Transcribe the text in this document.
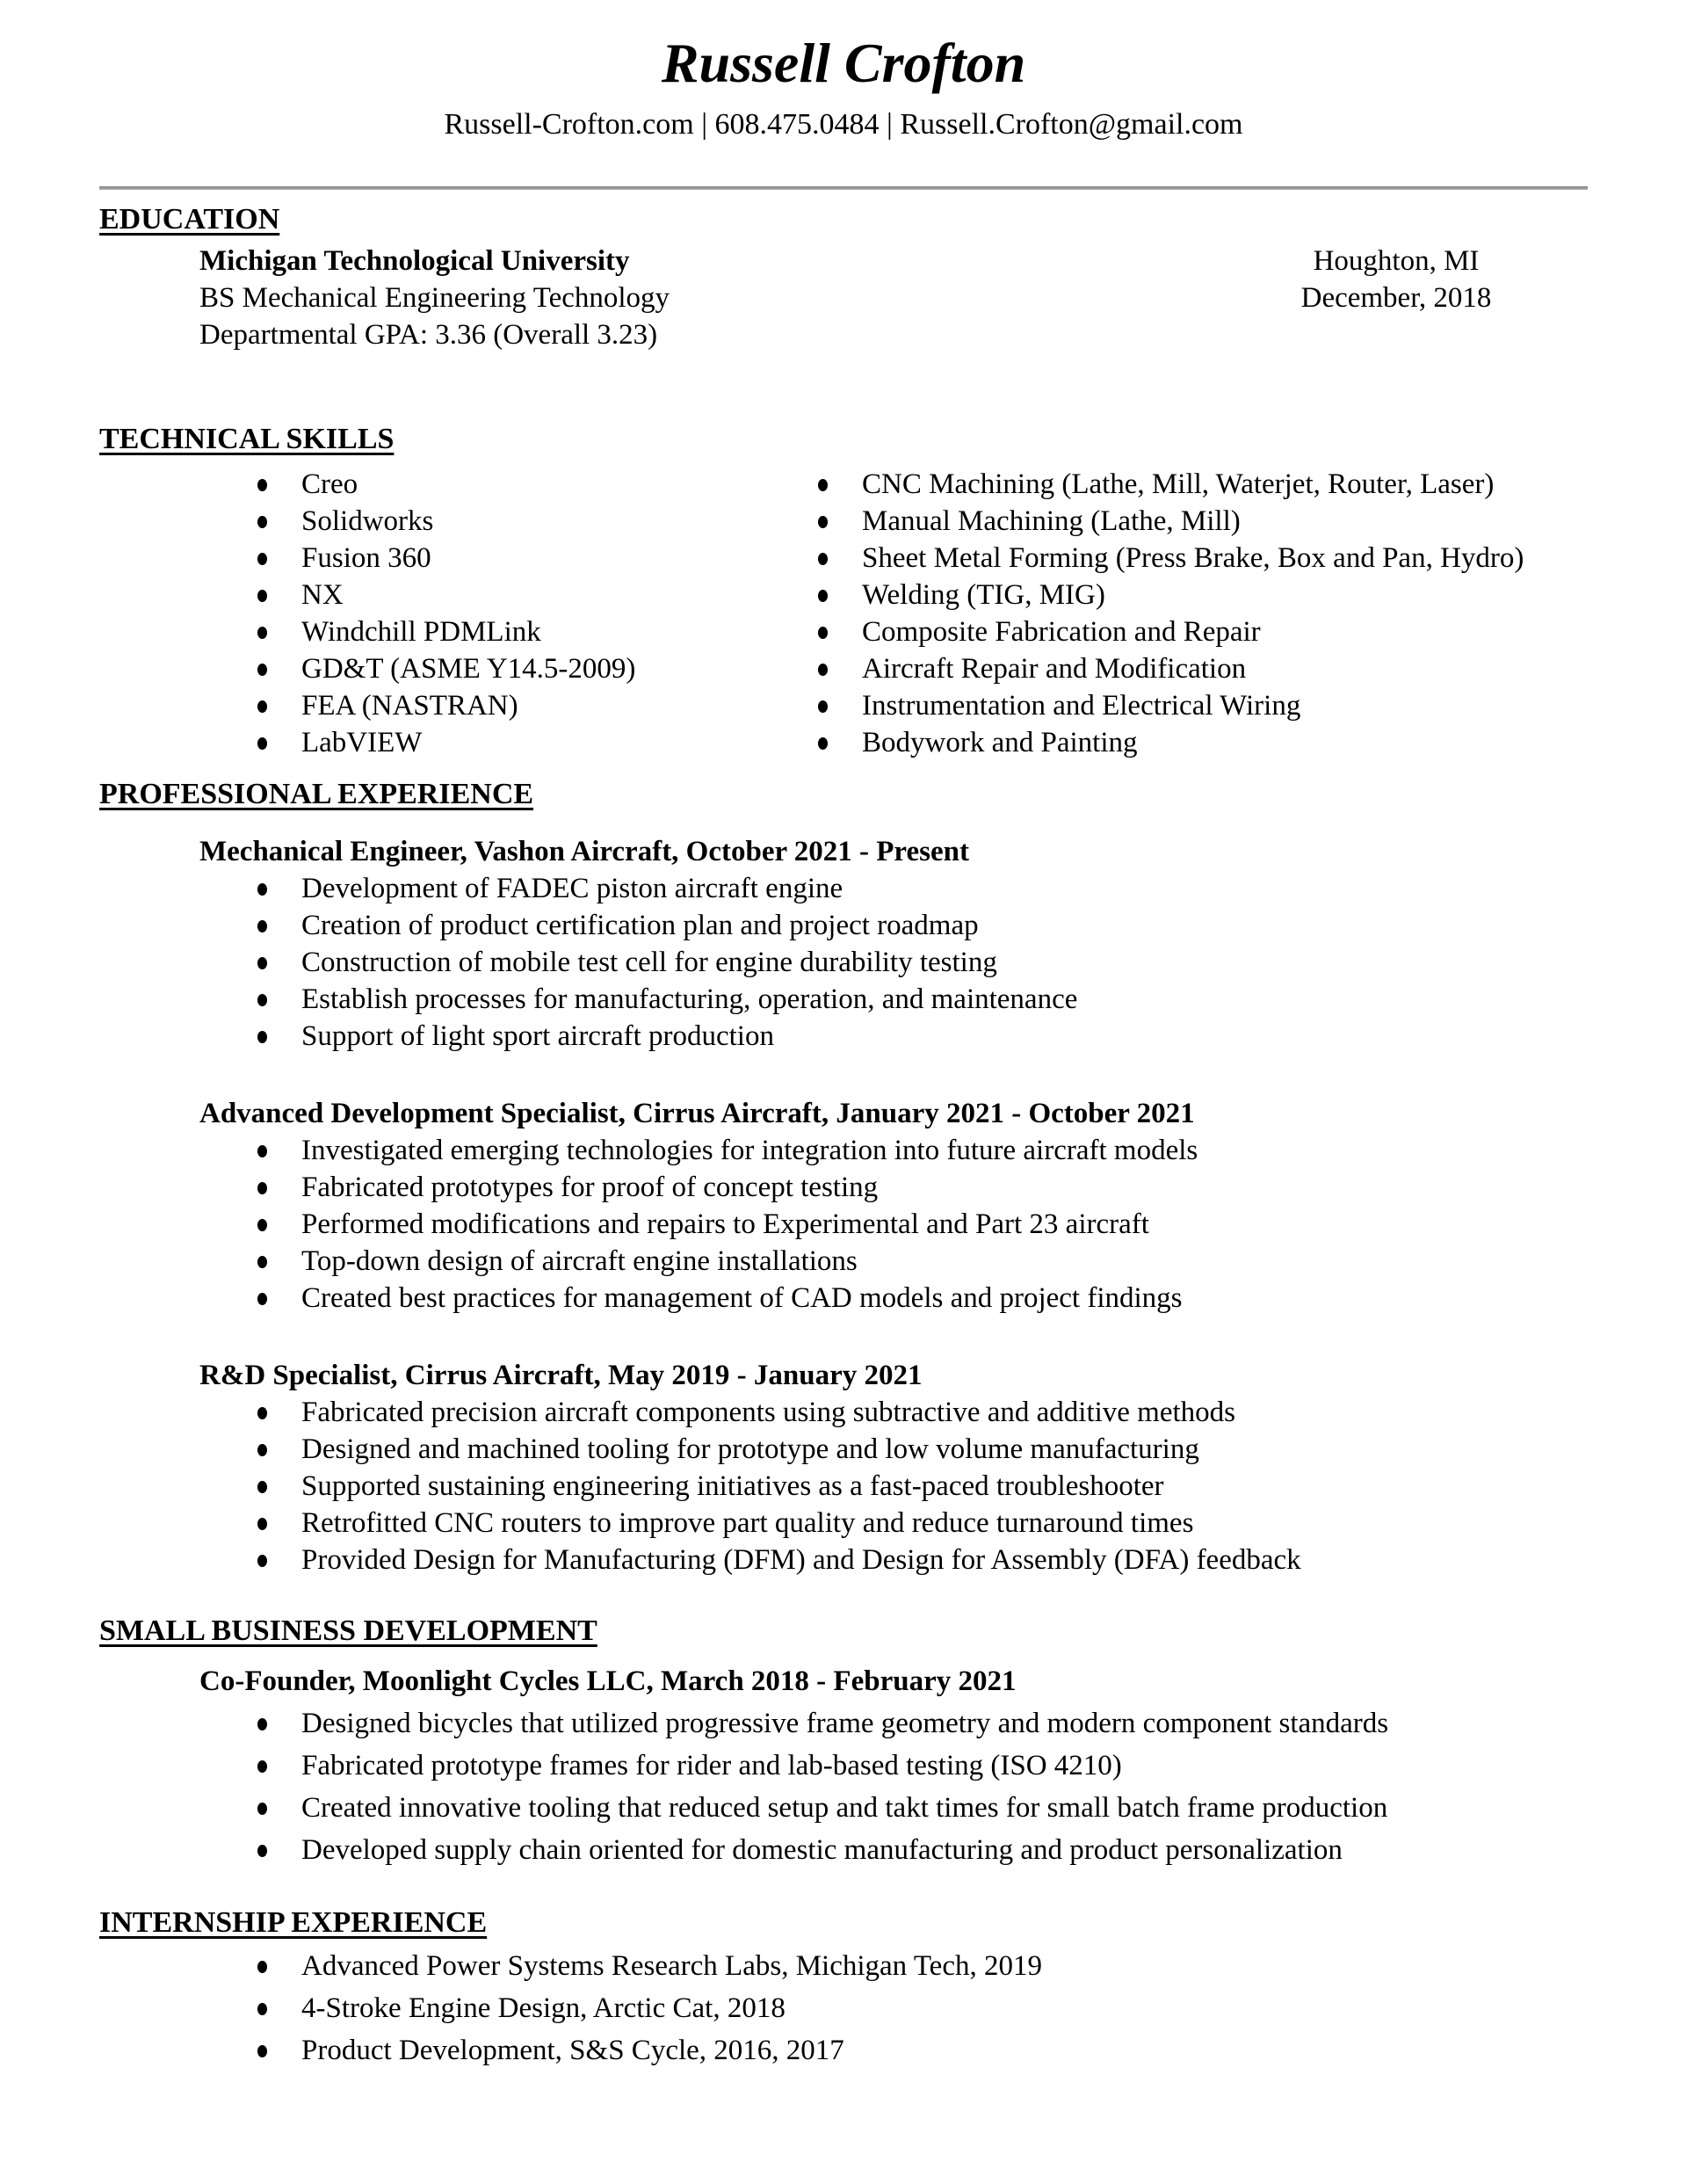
Russell Crofton
Russell-Crofton.com | 608.475.0484 | Russell.Crofton@gmail.com
EDUCATION
Michigan Technological University	Houghton, MI
BS Mechanical Engineering Technology	December, 2018
Departmental GPA: 3.36 (Overall 3.23)
TECHNICAL SKILLS
Creo
Solidworks
Fusion 360
NX
Windchill PDMLink
GD&T (ASME Y14.5-2009)
FEA (NASTRAN)
LabVIEW
CNC Machining (Lathe, Mill, Waterjet, Router, Laser)
Manual Machining (Lathe, Mill)
Sheet Metal Forming (Press Brake, Box and Pan, Hydro)
Welding (TIG, MIG)
Composite Fabrication and Repair
Aircraft Repair and Modification
Instrumentation and Electrical Wiring
Bodywork and Painting
PROFESSIONAL EXPERIENCE
Mechanical Engineer, Vashon Aircraft, October 2021 - Present
Development of FADEC piston aircraft engine
Creation of product certification plan and project roadmap
Construction of mobile test cell for engine durability testing
Establish processes for manufacturing, operation, and maintenance
Support of light sport aircraft production
Advanced Development Specialist, Cirrus Aircraft, January 2021 - October 2021
Investigated emerging technologies for integration into future aircraft models
Fabricated prototypes for proof of concept testing
Performed modifications and repairs to Experimental and Part 23 aircraft
Top-down design of aircraft engine installations
Created best practices for management of CAD models and project findings
R&D Specialist, Cirrus Aircraft, May 2019 - January 2021
Fabricated precision aircraft components using subtractive and additive methods
Designed and machined tooling for prototype and low volume manufacturing
Supported sustaining engineering initiatives as a fast-paced troubleshooter
Retrofitted CNC routers to improve part quality and reduce turnaround times
Provided Design for Manufacturing (DFM) and Design for Assembly (DFA) feedback
SMALL BUSINESS DEVELOPMENT
Co-Founder, Moonlight Cycles LLC, March 2018 - February 2021
Designed bicycles that utilized progressive frame geometry and modern component standards
Fabricated prototype frames for rider and lab-based testing (ISO 4210)
Created innovative tooling that reduced setup and takt times for small batch frame production
Developed supply chain oriented for domestic manufacturing and product personalization
INTERNSHIP EXPERIENCE
Advanced Power Systems Research Labs, Michigan Tech, 2019
4-Stroke Engine Design, Arctic Cat, 2018
Product Development, S&S Cycle, 2016, 2017
